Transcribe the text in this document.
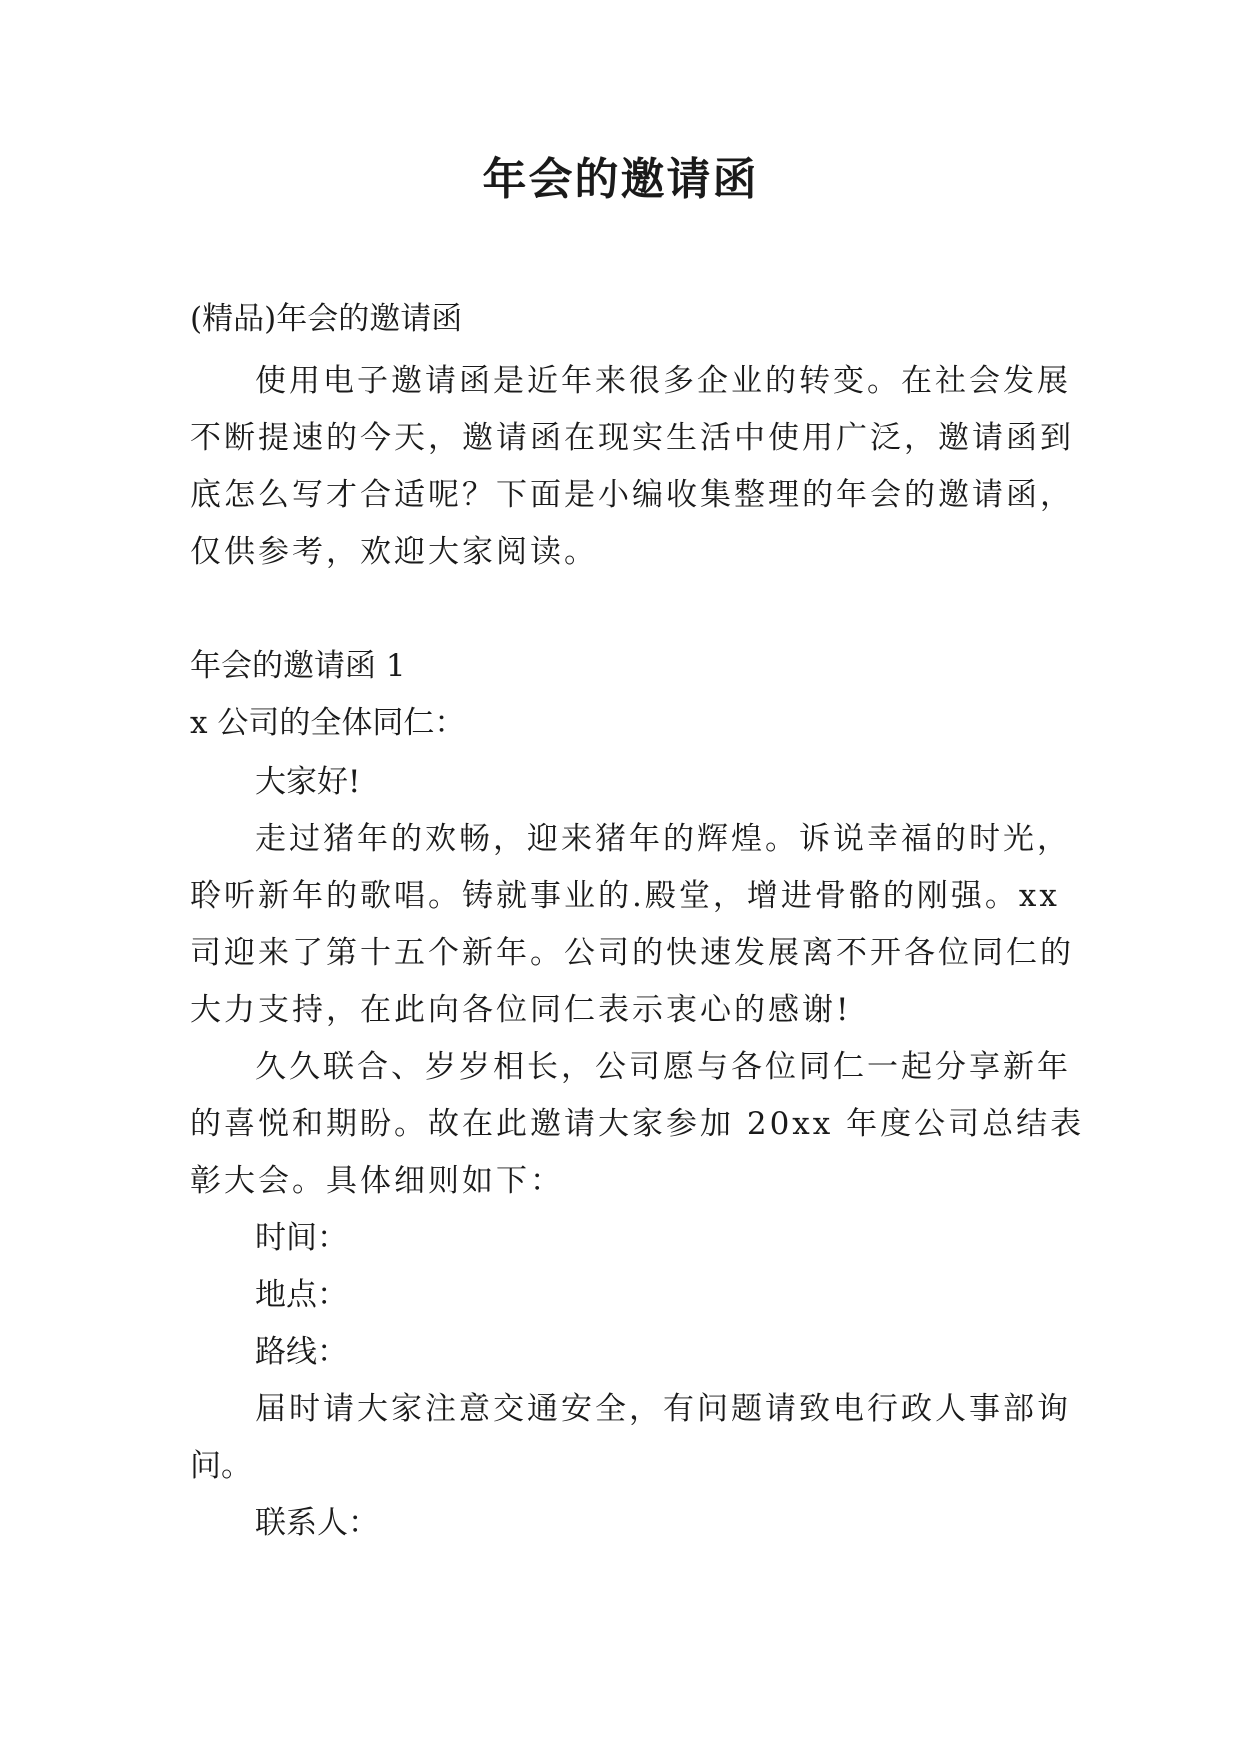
年会的邀请函
(精品)年会的邀请函
使用电子邀请函是近年来很多企业的转变。在社会发展
不断提速的今天，邀请函在现实生活中使用广泛，邀请函到
底怎么写才合适呢？下面是小编收集整理的年会的邀请函，
仅供参考，欢迎大家阅读。
年会的邀请函 1
x 公司的全体同仁：
大家好!
走过猪年的欢畅，迎来猪年的辉煌。诉说幸福的时光，
聆听新年的歌唱。铸就事业的.殿堂，增进骨骼的刚强。xx
司迎来了第十五个新年。公司的快速发展离不开各位同仁的
大力支持，在此向各位同仁表示衷心的感谢!
久久联合、岁岁相长，公司愿与各位同仁一起分享新年
的喜悦和期盼。故在此邀请大家参加 20xx 年度公司总结表
彰大会。具体细则如下：
时间：
地点：
路线：
届时请大家注意交通安全，有问题请致电行政人事部询
问。
联系人：
